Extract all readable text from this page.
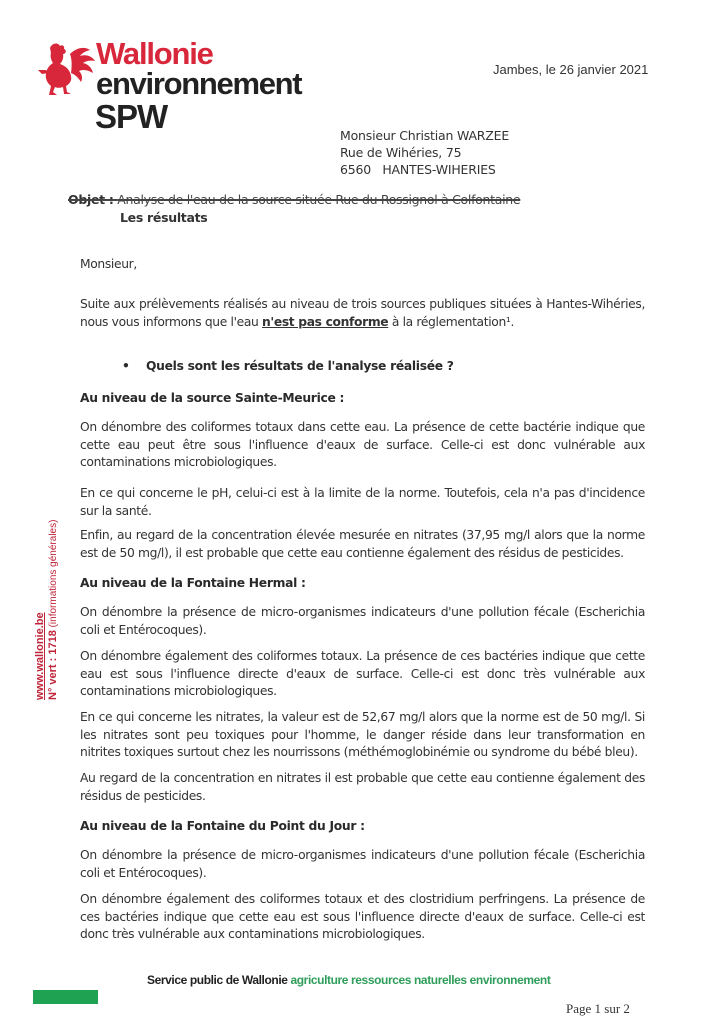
Wallonie
environnement
SPW
Jambes, le 26 janvier 2021
Monsieur Christian WARZEE
Rue de Wihéries, 75
6560   HANTES-WIHERIES
Objet : Analyse de l'eau de la source située Rue du Rossignol à Colfontaine
Les résultats
Monsieur,
Suite aux prélèvements réalisés au niveau de trois sources publiques situées à Hantes-Wihéries, nous vous informons que l'eau n'est pas conforme à la réglementation¹.
• Quels sont les résultats de l'analyse réalisée ?
Au niveau de la source Sainte-Meurice :
On dénombre des coliformes totaux dans cette eau. La présence de cette bactérie indique que cette eau peut être sous l'influence d'eaux de surface. Celle-ci est donc vulnérable aux contaminations microbiologiques.
En ce qui concerne le pH, celui-ci est à la limite de la norme. Toutefois, cela n'a pas d'incidence sur la santé.
Enfin, au regard de la concentration élevée mesurée en nitrates (37,95 mg/l alors que la norme est de 50 mg/l), il est probable que cette eau contienne également des résidus de pesticides.
Au niveau de la Fontaine Hermal :
On dénombre la présence de micro-organismes indicateurs d'une pollution fécale (Escherichia coli et Entérocoques).
On dénombre également des coliformes totaux. La présence de ces bactéries indique que cette eau est sous l'influence directe d'eaux de surface. Celle-ci est donc très vulnérable aux contaminations microbiologiques.
En ce qui concerne les nitrates, la valeur est de 52,67 mg/l alors que la norme est de 50 mg/l. Si les nitrates sont peu toxiques pour l'homme, le danger réside dans leur transformation en nitrites toxiques surtout chez les nourrissons (méthémoglobinémie ou syndrome du bébé bleu).
Au regard de la concentration en nitrates il est probable que cette eau contienne également des résidus de pesticides.
Au niveau de la Fontaine du Point du Jour :
On dénombre la présence de micro-organismes indicateurs d'une pollution fécale (Escherichia coli et Entérocoques).
On dénombre également des coliformes totaux et des clostridium perfringens. La présence de ces bactéries indique que cette eau est sous l'influence directe d'eaux de surface. Celle-ci est donc très vulnérable aux contaminations microbiologiques.
www.wallonie.be N° vert : 1718 (informations générales)
Service public de Wallonie agriculture ressources naturelles environnement
Page 1 sur 2
